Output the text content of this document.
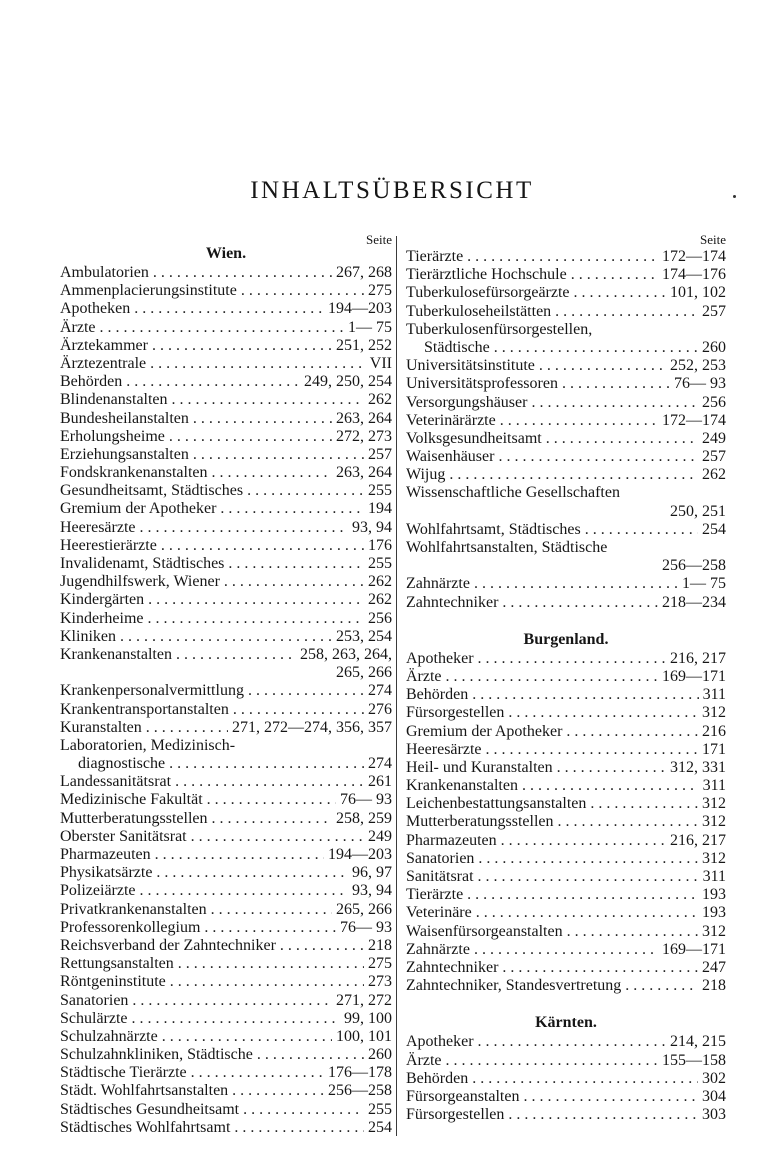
INHALTSÜBERSICHT
Seite
Wien.
Ambulatorien . . .	267, 268
Ammenplacierungsinstitute . . .	275
Apotheken . . .	194—203
Ärzte . . .	1— 75
Ärztekammer . . .	251, 252
Ärztezentrale . . .	VII
Behörden . . .	249, 250, 254
Blindenanstalten . . .	262
Bundesheilanstalten . . .	263, 264
Erholungsheime . . .	272, 273
Erziehungsanstalten . . .	257
Fondskrankenanstalten . . .	263, 264
Gesundheitsamt, Städtisches . . .	255
Gremium der Apotheker . . .	194
Heeresärzte . . .	93, 94
Heerestierärzte . . .	176
Invalidenamt, Städtisches . . .	255
Jugendhilfswerk, Wiener . . .	262
Kindergärten . . .	262
Kinderheime . . .	256
Kliniken . . .	253, 254
Krankenanstalten . . .	258, 263, 264,
265, 266
Krankenpersonalvermittlung . . .	274
Krankentransportanstalten . . .	276
Kuranstalten . . .	271, 272—274, 356, 357
Laboratorien, Medizinisch-
diagnostische . . .	274
Landessanitätsrat . . .	261
Medizinische Fakultät . . .	76— 93
Mutterberatungsstellen . . .	258, 259
Oberster Sanitätsrat . . .	249
Pharmazeuten . . .	194—203
Physikatsärzte . . .	96, 97
Polizeiärzte . . .	93, 94
Privatkrankenanstalten . . .	265, 266
Professorenkollegium . . .	76— 93
Reichsverband der Zahntechniker . . .	218
Rettungsanstalten . . .	275
Röntgeninstitute . . .	273
Sanatorien . . .	271, 272
Schulärzte . . .	99, 100
Schulzahnärzte . . .	100, 101
Schulzahnkliniken, Städtische . . .	260
Städtische Tierärzte . . .	176—178
Städt. Wohlfahrtsanstalten . . .	256—258
Städtisches Gesundheitsamt . . .	255
Städtisches Wohlfahrtsamt . . .	254
Seite
Tierärzte . . .	172—174
Tierärztliche Hochschule . . .	174—176
Tuberkulosefürsorgeärzte . . .	101, 102
Tuberkuloseheilstätten . . .	257
Tuberkulosenfürsorgestellen,
Städtische . . .	260
Universitätsinstitute . . .	252, 253
Universitätsprofessoren . . .	76— 93
Versorgungshäuser . . .	256
Veterinärärzte . . .	172—174
Volksgesundheitsamt . . .	249
Waisenhäuser . . .	257
Wijug . . .	262
Wissenschaftliche Gesellschaften
250, 251
Wohlfahrtsamt, Städtisches . . .	254
Wohlfahrtsanstalten, Städtische
256—258
Zahnärzte . . .	1— 75
Zahntechniker . . .	218—234
Burgenland.
Apotheker . . .	216, 217
Ärzte . . .	169—171
Behörden . . .	311
Fürsorgestellen . . .	312
Gremium der Apotheker . . .	216
Heeresärzte . . .	171
Heil- und Kuranstalten . . .	312, 331
Krankenanstalten . . .	311
Leichenbestattungsanstalten . . .	312
Mutterberatungsstellen . . .	312
Pharmazeuten . . .	216, 217
Sanatorien . . .	312
Sanitätsrat . . .	311
Tierärzte . . .	193
Veterinäre . . .	193
Waisenfürsorgeanstalten . . .	312
Zahnärzte . . .	169—171
Zahntechniker . . .	247
Zahntechniker, Standesvertretung . . .	218
Kärnten.
Apotheker . . .	214, 215
Ärzte . . .	155—158
Behörden . . .	302
Fürsorgeanstalten . . .	304
Fürsorgestellen . . .	303
